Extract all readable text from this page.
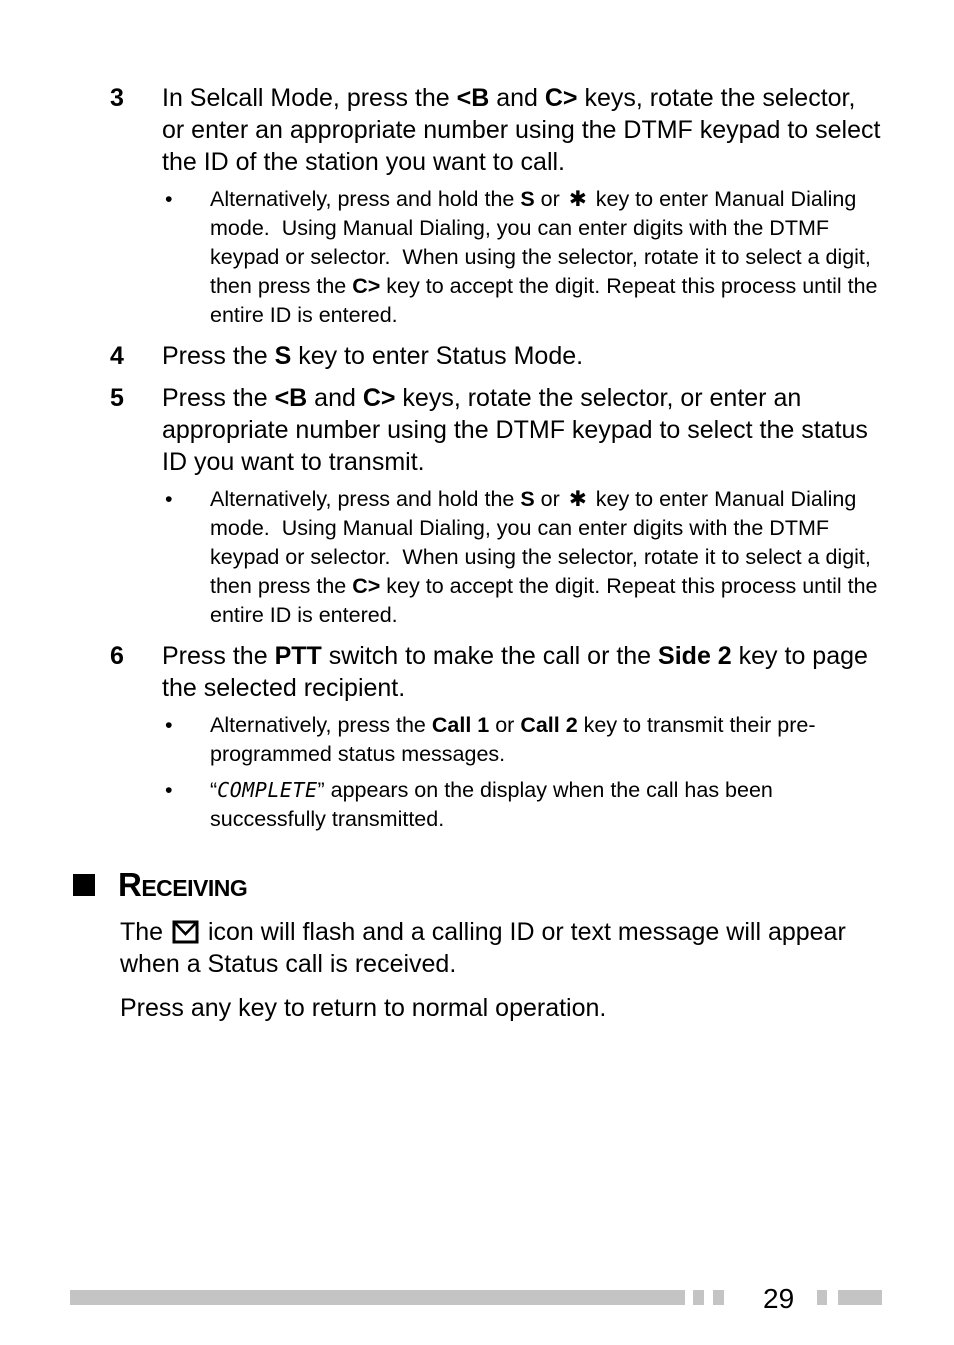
3	In Selcall Mode, press the <B and C> keys, rotate the selector, or enter an appropriate number using the DTMF keypad to select the ID of the station you want to call.
•	Alternatively, press and hold the S or ✱ key to enter Manual Dialing mode.  Using Manual Dialing, you can enter digits with the DTMF keypad or selector.  When using the selector, rotate it to select a digit, then press the C> key to accept the digit. Repeat this process until the entire ID is entered.
4	Press the S key to enter Status Mode.
5	Press the <B and C> keys, rotate the selector, or enter an appropriate number using the DTMF keypad to select the status ID you want to transmit.
•	Alternatively, press and hold the S or ✱ key to enter Manual Dialing mode.  Using Manual Dialing, you can enter digits with the DTMF keypad or selector.  When using the selector, rotate it to select a digit, then press the C> key to accept the digit. Repeat this process until the entire ID is entered.
6	Press the PTT switch to make the call or the Side 2 key to page the selected recipient.
•	Alternatively, press the Call 1 or Call 2 key to transmit their pre-programmed status messages.
•	“COMPLETE” appears on the display when the call has been successfully transmitted.
RECEIVING
The  icon will flash and a calling ID or text message will appear when a Status call is received.
Press any key to return to normal operation.
29
